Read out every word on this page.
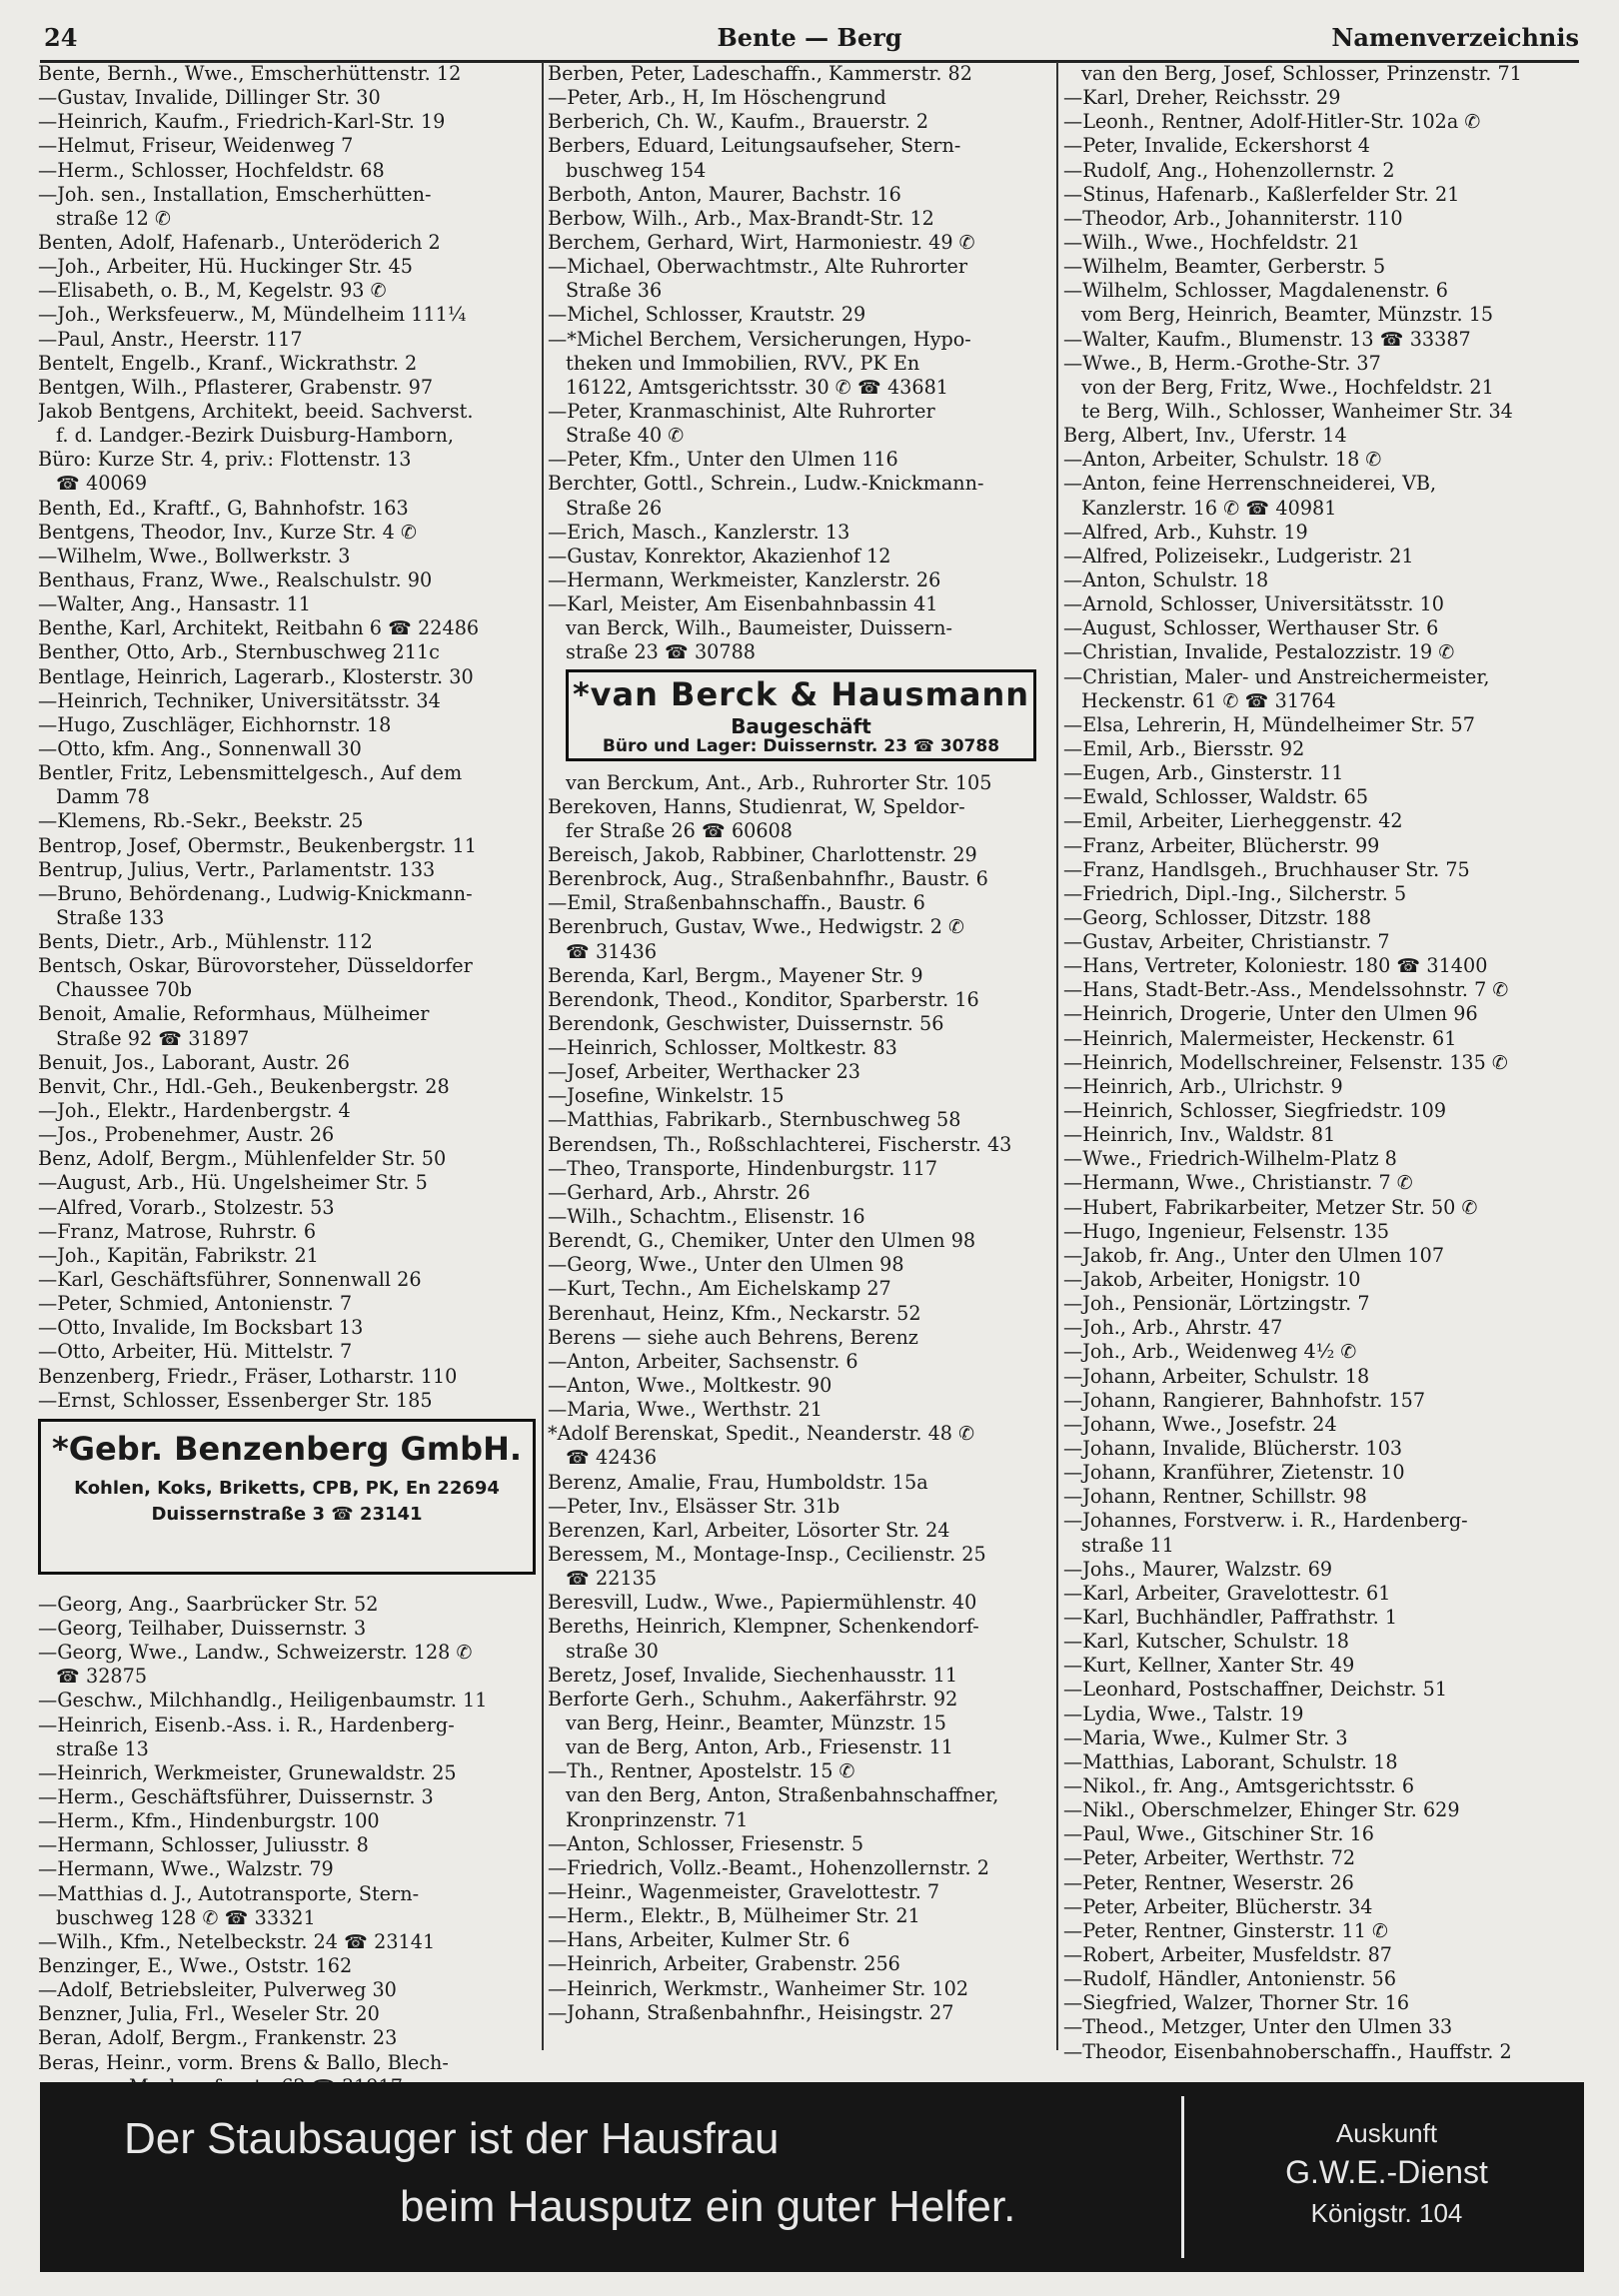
24	Bente — Berg	Namenverzeichnis
Bente, Bernh., Wwe., Emscherhüttenstr. 12
—Gustav, Invalide, Dillinger Str. 30
—Heinrich, Kaufm., Friedrich-Karl-Str. 19
—Helmut, Friseur, Weidenweg 7
—Herm., Schlosser, Hochfeldstr. 68
—Joh. sen., Installation, Emscherhütten-
straße 12 ✆
Benten, Adolf, Hafenarb., Unteröderich 2
—Joh., Arbeiter, Hü. Huckinger Str. 45
—Elisabeth, o. B., M, Kegelstr. 93 ✆
—Joh., Werksfeuerw., M, Mündelheim 111¼
—Paul, Anstr., Heerstr. 117
Bentelt, Engelb., Kranf., Wickrathstr. 2
Bentgen, Wilh., Pflasterer, Grabenstr. 97
Jakob Bentgens, Architekt, beeid. Sachverst.
f. d. Landger.-Bezirk Duisburg-Hamborn,
Büro: Kurze Str. 4, priv.: Flottenstr. 13
☎ 40069
Benth, Ed., Kraftf., G, Bahnhofstr. 163
Bentgens, Theodor, Inv., Kurze Str. 4 ✆
—Wilhelm, Wwe., Bollwerkstr. 3
Benthaus, Franz, Wwe., Realschulstr. 90
—Walter, Ang., Hansastr. 11
Benthe, Karl, Architekt, Reitbahn 6 ☎ 22486
Benther, Otto, Arb., Sternbuschweg 211c
Bentlage, Heinrich, Lagerarb., Klosterstr. 30
—Heinrich, Techniker, Universitätsstr. 34
—Hugo, Zuschläger, Eichhornstr. 18
—Otto, kfm. Ang., Sonnenwall 30
Bentler, Fritz, Lebensmittelgesch., Auf dem
Damm 78
—Klemens, Rb.-Sekr., Beekstr. 25
Bentrop, Josef, Obermstr., Beukenbergstr. 11
Bentrup, Julius, Vertr., Parlamentstr. 133
—Bruno, Behördenang., Ludwig-Knickmann-
Straße 133
Bents, Dietr., Arb., Mühlenstr. 112
Bentsch, Oskar, Bürovorsteher, Düsseldorfer
Chaussee 70b
Benoit, Amalie, Reformhaus, Mülheimer
Straße 92 ☎ 31897
Benuit, Jos., Laborant, Austr. 26
Benvit, Chr., Hdl.-Geh., Beukenbergstr. 28
—Joh., Elektr., Hardenbergstr. 4
—Jos., Probenehmer, Austr. 26
Benz, Adolf, Bergm., Mühlenfelder Str. 50
—August, Arb., Hü. Ungelsheimer Str. 5
—Alfred, Vorarb., Stolzestr. 53
—Franz, Matrose, Ruhrstr. 6
—Joh., Kapitän, Fabrikstr. 21
—Karl, Geschäftsführer, Sonnenwall 26
—Peter, Schmied, Antonienstr. 7
—Otto, Invalide, Im Bocksbart 13
—Otto, Arbeiter, Hü. Mittelstr. 7
Benzenberg, Friedr., Fräser, Lotharstr. 110
—Ernst, Schlosser, Essenberger Str. 185
*Gebr. Benzenberg GmbH.
Kohlen, Koks, Briketts, CPB, PK, En 22694
Duissernstraße 3 ☎ 23141
—Georg, Ang., Saarbrücker Str. 52
—Georg, Teilhaber, Duissernstr. 3
—Georg, Wwe., Landw., Schweizerstr. 128 ✆
☎ 32875
—Geschw., Milchhandlg., Heiligenbaumstr. 11
—Heinrich, Eisenb.-Ass. i. R., Hardenberg-
straße 13
—Heinrich, Werkmeister, Grunewaldstr. 25
—Herm., Geschäftsführer, Duissernstr. 3
—Herm., Kfm., Hindenburgstr. 100
—Hermann, Schlosser, Juliusstr. 8
—Hermann, Wwe., Walzstr. 79
—Matthias d. J., Autotransporte, Stern-
buschweg 128 ✆ ☎ 33321
—Wilh., Kfm., Netelbeckstr. 24 ☎ 23141
Benzinger, E., Wwe., Oststr. 162
—Adolf, Betriebsleiter, Pulverweg 30
Benzner, Julia, Frl., Weseler Str. 20
Beran, Adolf, Bergm., Frankenstr. 23
Beras, Heinr., vorm. Brens & Ballo, Blech-
Berben, Peter, Ladeschaffn., Kammerstr. 82
—Peter, Arb., H, Im Höschengrund
Berberich, Ch. W., Kaufm., Brauerstr. 2
Berbers, Eduard, Leitungsaufseher, Stern-
buschweg 154
Berboth, Anton, Maurer, Bachstr. 16
Berbow, Wilh., Arb., Max-Brandt-Str. 12
Berchem, Gerhard, Wirt, Harmoniestr. 49 ✆
—Michael, Oberwachtmstr., Alte Ruhrorter
Straße 36
—Michel, Schlosser, Krautstr. 29
—*Michel Berchem, Versicherungen, Hypo-
theken und Immobilien, RVV., PK En
16122, Amtsgerichtsstr. 30 ✆ ☎ 43681
—Peter, Kranmaschinist, Alte Ruhrorter
Straße 40 ✆
—Peter, Kfm., Unter den Ulmen 116
Berchter, Gottl., Schrein., Ludw.-Knickmann-
Straße 26
—Erich, Masch., Kanzlerstr. 13
—Gustav, Konrektor, Akazienhof 12
—Hermann, Werkmeister, Kanzlerstr. 26
—Karl, Meister, Am Eisenbahnbassin 41
van Berck, Wilh., Baumeister, Duissern-
straße 23 ☎ 30788
*van Berck & Hausmann
Baugeschäft
Büro und Lager: Duissernstr. 23 ☎ 30788
van Berckum, Ant., Arb., Ruhrorter Str. 105
Berekoven, Hanns, Studienrat, W, Speldor-
fer Straße 26 ☎ 60608
Bereisch, Jakob, Rabbiner, Charlottenstr. 29
Berenbrock, Aug., Straßenbahnfhr., Baustr. 6
—Emil, Straßenbahnschaffn., Baustr. 6
Berenbruch, Gustav, Wwe., Hedwigstr. 2 ✆
☎ 31436
Berenda, Karl, Bergm., Mayener Str. 9
Berendonk, Theod., Konditor, Sparberstr. 16
Berendonk, Geschwister, Duissernstr. 56
—Heinrich, Schlosser, Moltkestr. 83
—Josef, Arbeiter, Werthacker 23
—Josefine, Winkelstr. 15
—Matthias, Fabrikarb., Sternbuschweg 58
Berendsen, Th., Roßschlachterei, Fischerstr. 43
—Theo, Transporte, Hindenburgstr. 117
—Gerhard, Arb., Ahrstr. 26
—Wilh., Schachtm., Elisenstr. 16
Berendt, G., Chemiker, Unter den Ulmen 98
—Georg, Wwe., Unter den Ulmen 98
—Kurt, Techn., Am Eichelskamp 27
Berenhaut, Heinz, Kfm., Neckarstr. 52
Berens — siehe auch Behrens, Berenz
—Anton, Arbeiter, Sachsenstr. 6
—Anton, Wwe., Moltkestr. 90
—Maria, Wwe., Werthstr. 21
*Adolf Berenskat, Spedit., Neanderstr. 48 ✆
☎ 42436
Berenz, Amalie, Frau, Humboldstr. 15a
—Peter, Inv., Elsässer Str. 31b
Berenzen, Karl, Arbeiter, Lösorter Str. 24
Beressem, M., Montage-Insp., Cecilienstr. 25
☎ 22135
Beresvill, Ludw., Wwe., Papiermühlenstr. 40
Bereths, Heinrich, Klempner, Schenkendorf-
straße 30
Beretz, Josef, Invalide, Siechenhausstr. 11
Berforte Gerh., Schuhm., Aakerfährstr. 92
van Berg, Heinr., Beamter, Münzstr. 15
van de Berg, Anton, Arb., Friesenstr. 11
—Th., Rentner, Apostelstr. 15 ✆
van den Berg, Anton, Straßenbahnschaffner,
Kronprinzenstr. 71
—Anton, Schlosser, Friesenstr. 5
—Friedrich, Vollz.-Beamt., Hohenzollernstr. 2
—Heinr., Wagenmeister, Gravelottestr. 7
—Herm., Elektr., B, Mülheimer Str. 21
—Hans, Arbeiter, Kulmer Str. 6
—Heinrich, Arbeiter, Grabenstr. 256
—Heinrich, Werkmstr., Wanheimer Str. 102
—Johann, Straßenbahnfhr., Heisingstr. 27
van den Berg, Josef, Schlosser, Prinzenstr. 71
—Karl, Dreher, Reichsstr. 29
—Leonh., Rentner, Adolf-Hitler-Str. 102a ✆
—Peter, Invalide, Eckershorst 4
—Rudolf, Ang., Hohenzollernstr. 2
—Stinus, Hafenarb., Kaßlerfelder Str. 21
—Theodor, Arb., Johanniterstr. 110
—Wilh., Wwe., Hochfeldstr. 21
—Wilhelm, Beamter, Gerberstr. 5
—Wilhelm, Schlosser, Magdalenenstr. 6
vom Berg, Heinrich, Beamter, Münzstr. 15
—Walter, Kaufm., Blumenstr. 13 ☎ 33387
—Wwe., B, Herm.-Grothe-Str. 37
von der Berg, Fritz, Wwe., Hochfeldstr. 21
te Berg, Wilh., Schlosser, Wanheimer Str. 34
Berg, Albert, Inv., Uferstr. 14
—Anton, Arbeiter, Schulstr. 18 ✆
—Anton, feine Herrenschneiderei, VB,
Kanzlerstr. 16 ✆ ☎ 40981
—Alfred, Arb., Kuhstr. 19
—Alfred, Polizeisekr., Ludgeristr. 21
—Anton, Schulstr. 18
—Arnold, Schlosser, Universitätsstr. 10
—August, Schlosser, Werthauser Str. 6
—Christian, Invalide, Pestalozzistr. 19 ✆
—Christian, Maler- und Anstreichermeister,
Heckenstr. 61 ✆ ☎ 31764
—Elsa, Lehrerin, H, Mündelheimer Str. 57
—Emil, Arb., Biersstr. 92
—Eugen, Arb., Ginsterstr. 11
—Ewald, Schlosser, Waldstr. 65
—Emil, Arbeiter, Lierheggenstr. 42
—Franz, Arbeiter, Blücherstr. 99
—Franz, Handlsgeh., Bruchhauser Str. 75
—Friedrich, Dipl.-Ing., Silcherstr. 5
—Georg, Schlosser, Ditzstr. 188
—Gustav, Arbeiter, Christianstr. 7
—Hans, Vertreter, Koloniestr. 180 ☎ 31400
—Hans, Stadt-Betr.-Ass., Mendelssohnstr. 7 ✆
—Heinrich, Drogerie, Unter den Ulmen 96
—Heinrich, Malermeister, Heckenstr. 61
—Heinrich, Modellschreiner, Felsenstr. 135 ✆
—Heinrich, Arb., Ulrichstr. 9
—Heinrich, Schlosser, Siegfriedstr. 109
—Heinrich, Inv., Waldstr. 81
—Wwe., Friedrich-Wilhelm-Platz 8
—Hermann, Wwe., Christianstr. 7 ✆
—Hubert, Fabrikarbeiter, Metzer Str. 50 ✆
—Hugo, Ingenieur, Felsenstr. 135
—Jakob, fr. Ang., Unter den Ulmen 107
—Jakob, Arbeiter, Honigstr. 10
—Joh., Pensionär, Lörtzingstr. 7
—Joh., Arb., Ahrstr. 47
—Joh., Arb., Weidenweg 4½ ✆
—Johann, Arbeiter, Schulstr. 18
—Johann, Rangierer, Bahnhofstr. 157
—Johann, Wwe., Josefstr. 24
—Johann, Invalide, Blücherstr. 103
—Johann, Kranführer, Zietenstr. 10
—Johann, Rentner, Schillstr. 98
—Johannes, Forstverw. i. R., Hardenberg-
straße 11
—Johs., Maurer, Walzstr. 69
—Karl, Arbeiter, Gravelottestr. 61
—Karl, Buchhändler, Paffrathstr. 1
—Karl, Kutscher, Schulstr. 18
—Kurt, Kellner, Xanter Str. 49
—Leonhard, Postschaffner, Deichstr. 51
—Lydia, Wwe., Talstr. 19
—Maria, Wwe., Kulmer Str. 3
—Matthias, Laborant, Schulstr. 18
—Nikol., fr. Ang., Amtsgerichtsstr. 6
—Nikl., Oberschmelzer, Ehinger Str. 629
—Paul, Wwe., Gitschiner Str. 16
—Peter, Arbeiter, Werthstr. 72
—Peter, Rentner, Weserstr. 26
—Peter, Arbeiter, Blücherstr. 34
—Peter, Rentner, Ginsterstr. 11 ✆
—Robert, Arbeiter, Musfeldstr. 87
—Rudolf, Händler, Antonienstr. 56
—Siegfried, Walzer, Thorner Str. 16
—Theod., Metzger, Unter den Ulmen 33
—Theodor, Eisenbahnoberschaffn., Hauffstr. 2
Der Staubsauger ist der Hausfrau
beim Hausputz ein guter Helfer.
Auskunft
G.W.E.-Dienst
Königstr. 104
